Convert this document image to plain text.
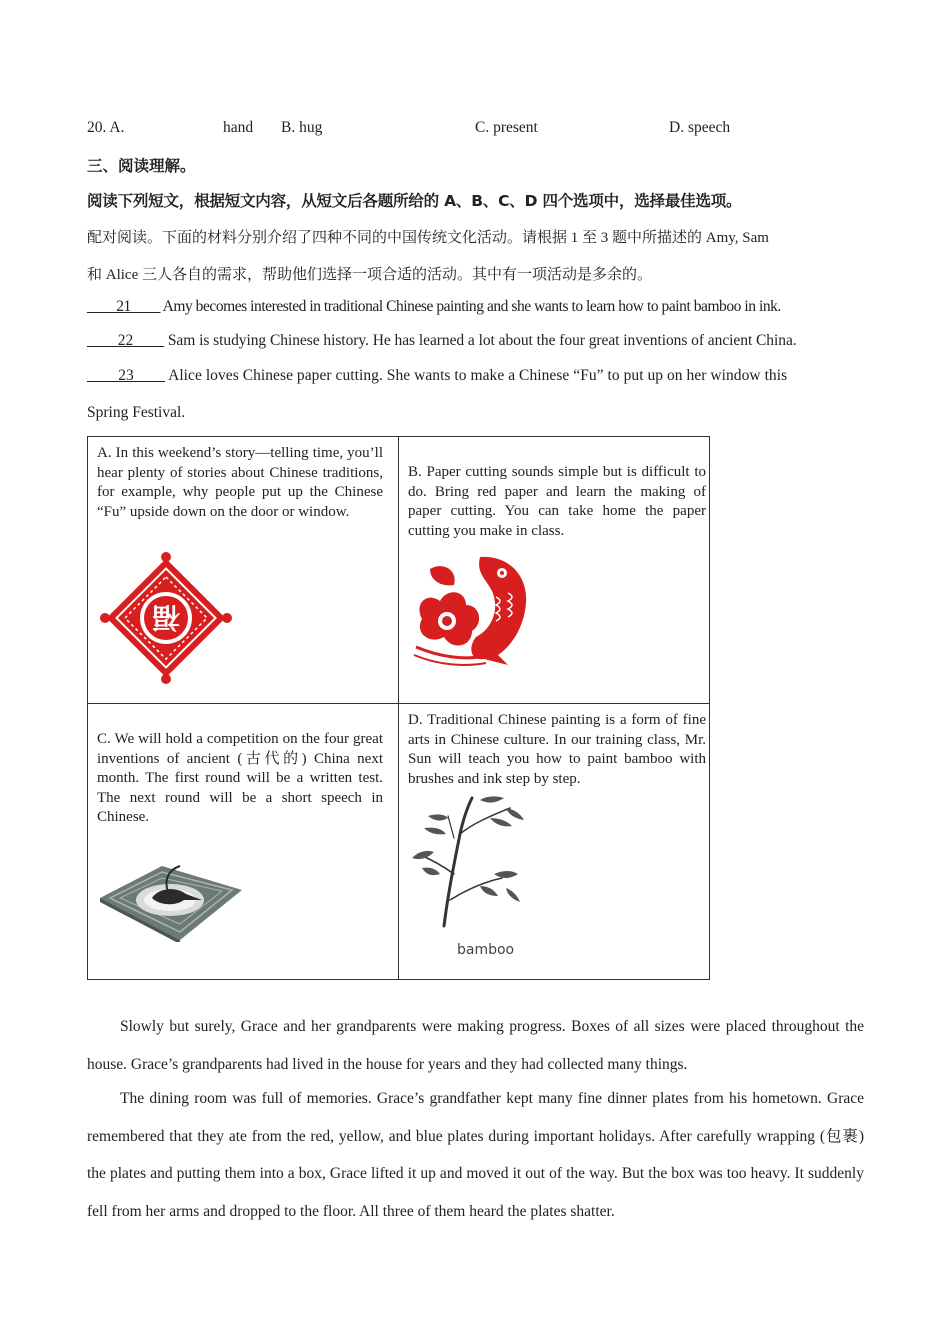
20. A.	hand B. hug	C. present	D. speech
三、阅读理解。
阅读下列短文，根据短文内容，从短文后各题所给的 A、B、C、D 四个选项中，选择最佳选项。
配对阅读。下面的材料分别介绍了四种不同的中国传统文化活动。请根据 1 至 3 题中所描述的 Amy, Sam
和 Alice 三人各自的需求，帮助他们选择一项合适的活动。其中有一项活动是多余的。
____21____ Amy becomes interested in traditional Chinese painting and she wants to learn how to paint bamboo in ink.
____22____ Sam is studying Chinese history. He has learned a lot about the four great inventions of ancient China.
____23____ Alice loves Chinese paper cutting. She wants to make a Chinese “Fu” to put up on her window this
Spring Festival.
A. In this weekend’s story—telling time, you’ll hear plenty of stories about Chinese traditions, for example, why people put up the Chinese “Fu” upside down on the door or window.
福	B. Paper cutting sounds simple but is difficult to do. Bring red paper and learn the making of paper cutting. You can take home the paper cutting you make in class.

C. We will hold a competition on the four great inventions of ancient (古代的) China next month. The first round will be a written test. The next round will be a short speech in Chinese.	D. Traditional Chinese painting is a form of fine arts in Chinese culture. In our training class, Mr. Sun will teach you how to paint bamboo with brushes and ink step by step.
bamboo
Slowly but surely, Grace and her grandparents were making progress. Boxes of all sizes were placed throughout the house. Grace’s grandparents had lived in the house for years and they had collected many things.
The dining room was full of memories. Grace’s grandfather kept many fine dinner plates from his hometown. Grace remembered that they ate from the red, yellow, and blue plates during important holidays. After carefully wrapping (包裹) the plates and putting them into a box, Grace lifted it up and moved it out of the way. But the box was too heavy. It suddenly fell from her arms and dropped to the floor. All three of them heard the plates shatter.
